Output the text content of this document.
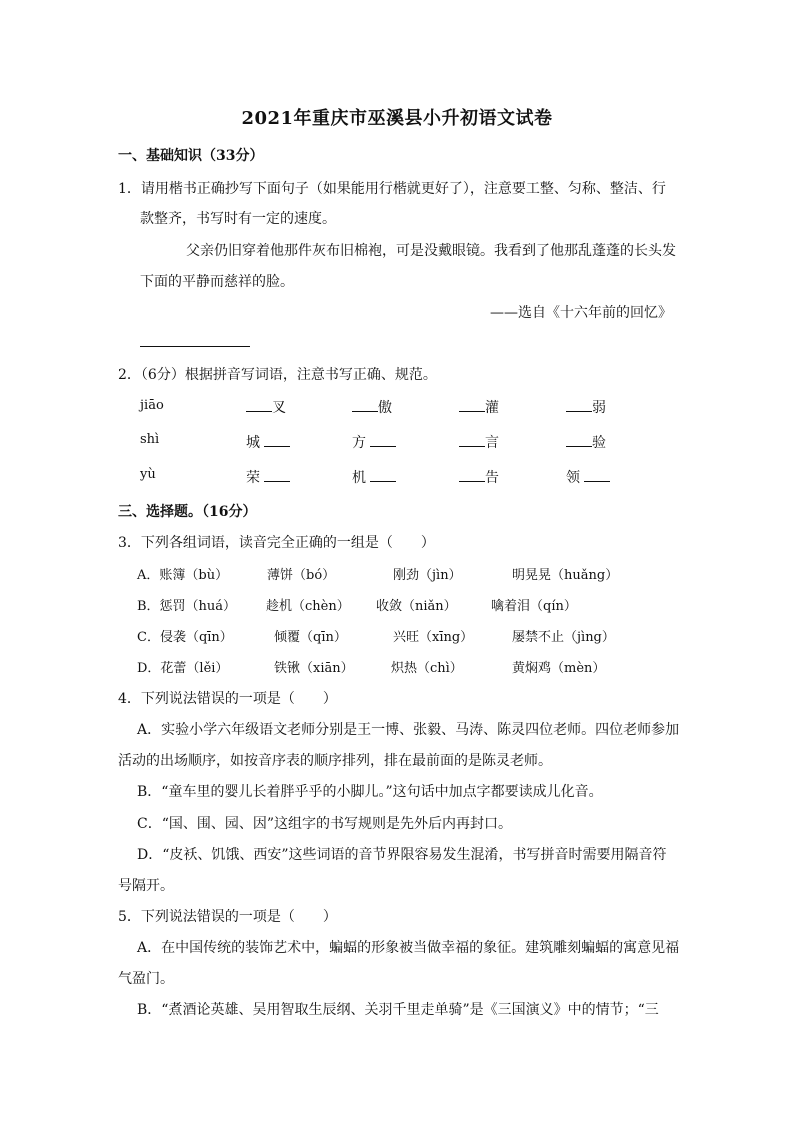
2021年重庆市巫溪县小升初语文试卷
一、基础知识（33分）
1．请用楷书正确抄写下面句子（如果能用行楷就更好了），注意要工整、匀称、整洁、行
款整齐，书写时有一定的速度。
父亲仍旧穿着他那件灰布旧棉袍，可是没戴眼镜。我看到了他那乱蓬蓬的长头发
下面的平静而慈祥的脸。
——选自《十六年前的回忆》
2．（6分）根据拼音写词语，注意书写正确、规范。
jiāo	叉	傲	灌	弱
shì	城	方	言	验
yù	荣	机	告	领
三、选择题。（16分）
3．下列各组词语，读音完全正确的一组是（　　）
A．账簿（bù）	薄饼（bó）	刚劲（jìn）	明晃晃（huǎng）
B．惩罚（huá） 趁机（chèn） 收敛（niǎn）	噙着泪（qín）
C．侵袭（qīn）	倾覆（qīn）	兴旺（xīng）	屡禁不止（jìng）
D．花蕾（lěi）	铁锹（xiān）	炽热（chì）	黄焖鸡（mèn）
4．下列说法错误的一项是（　　）
A．实验小学六年级语文老师分别是王一博、张毅、马涛、陈灵四位老师。四位老师参加
活动的出场顺序，如按音序表的顺序排列，排在最前面的是陈灵老师。
B．“童车里的婴儿长着胖乎乎的小脚儿。”这句话中加点字都要读成儿化音。
C．“国、围、园、因”这组字的书写规则是先外后内再封口。
D．“皮袄、饥饿、西安”这些词语的音节界限容易发生混淆，书写拼音时需要用隔音符
号隔开。
5．下列说法错误的一项是（　　）
A．在中国传统的装饰艺术中，蝙蝠的形象被当做幸福的象征。建筑雕刻蝙蝠的寓意见福
气盈门。
B．“煮酒论英雄、吴用智取生辰纲、关羽千里走单骑”是《三国演义》中的情节；“三
